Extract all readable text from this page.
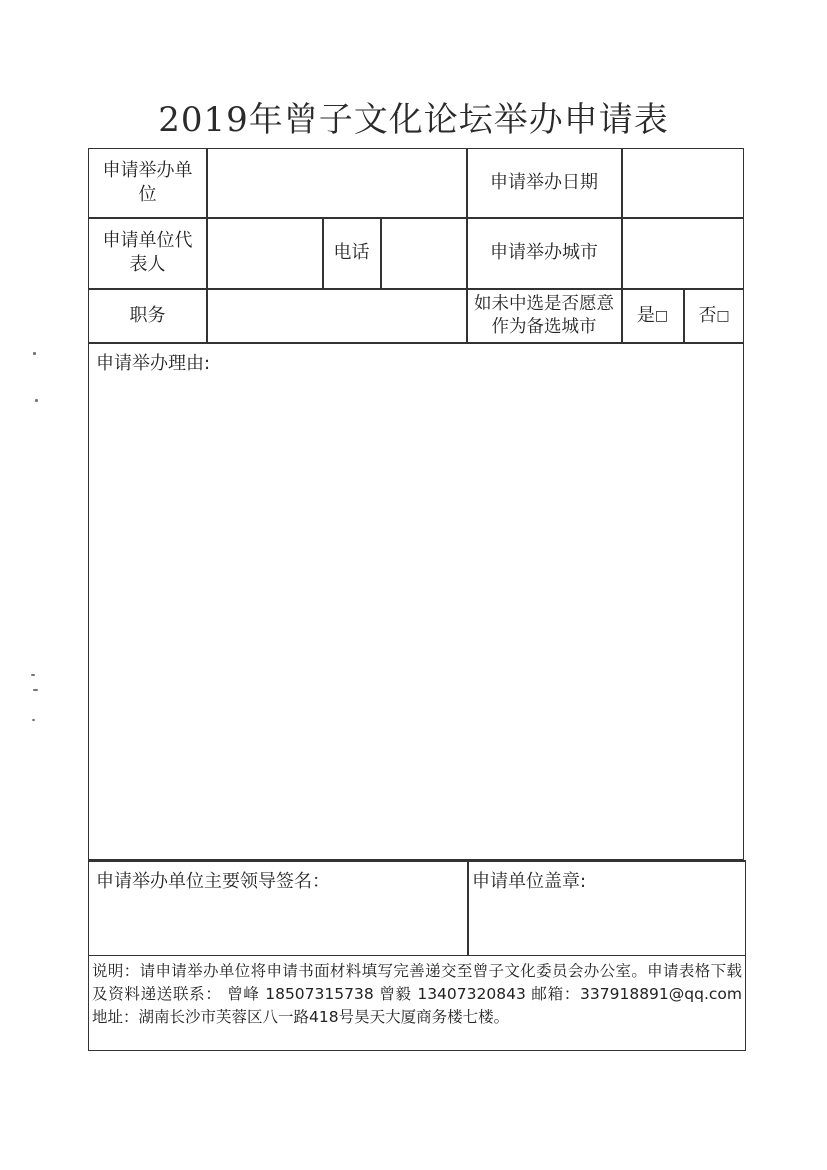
2019年曾子文化论坛举办申请表
申请举办单
位
申请举办日期
申请单位代
表人
电话	申请举办城市
职务
如未中选是否愿意
作为备选城市
是 □ 否 □
申请举办理由:
申请举办单位主要领导签名：	申请单位盖章:
说明：请申请举办单位将申请书面材料填写完善递交至曾子文化委员会办公室。申请表格下载及资料递送联系： 曾峰 18507315738 曾毅 13407320843 邮箱：337918891@qq.com 地址：湖南长沙市芙蓉区八一路418号昊天大厦商务楼七楼。
